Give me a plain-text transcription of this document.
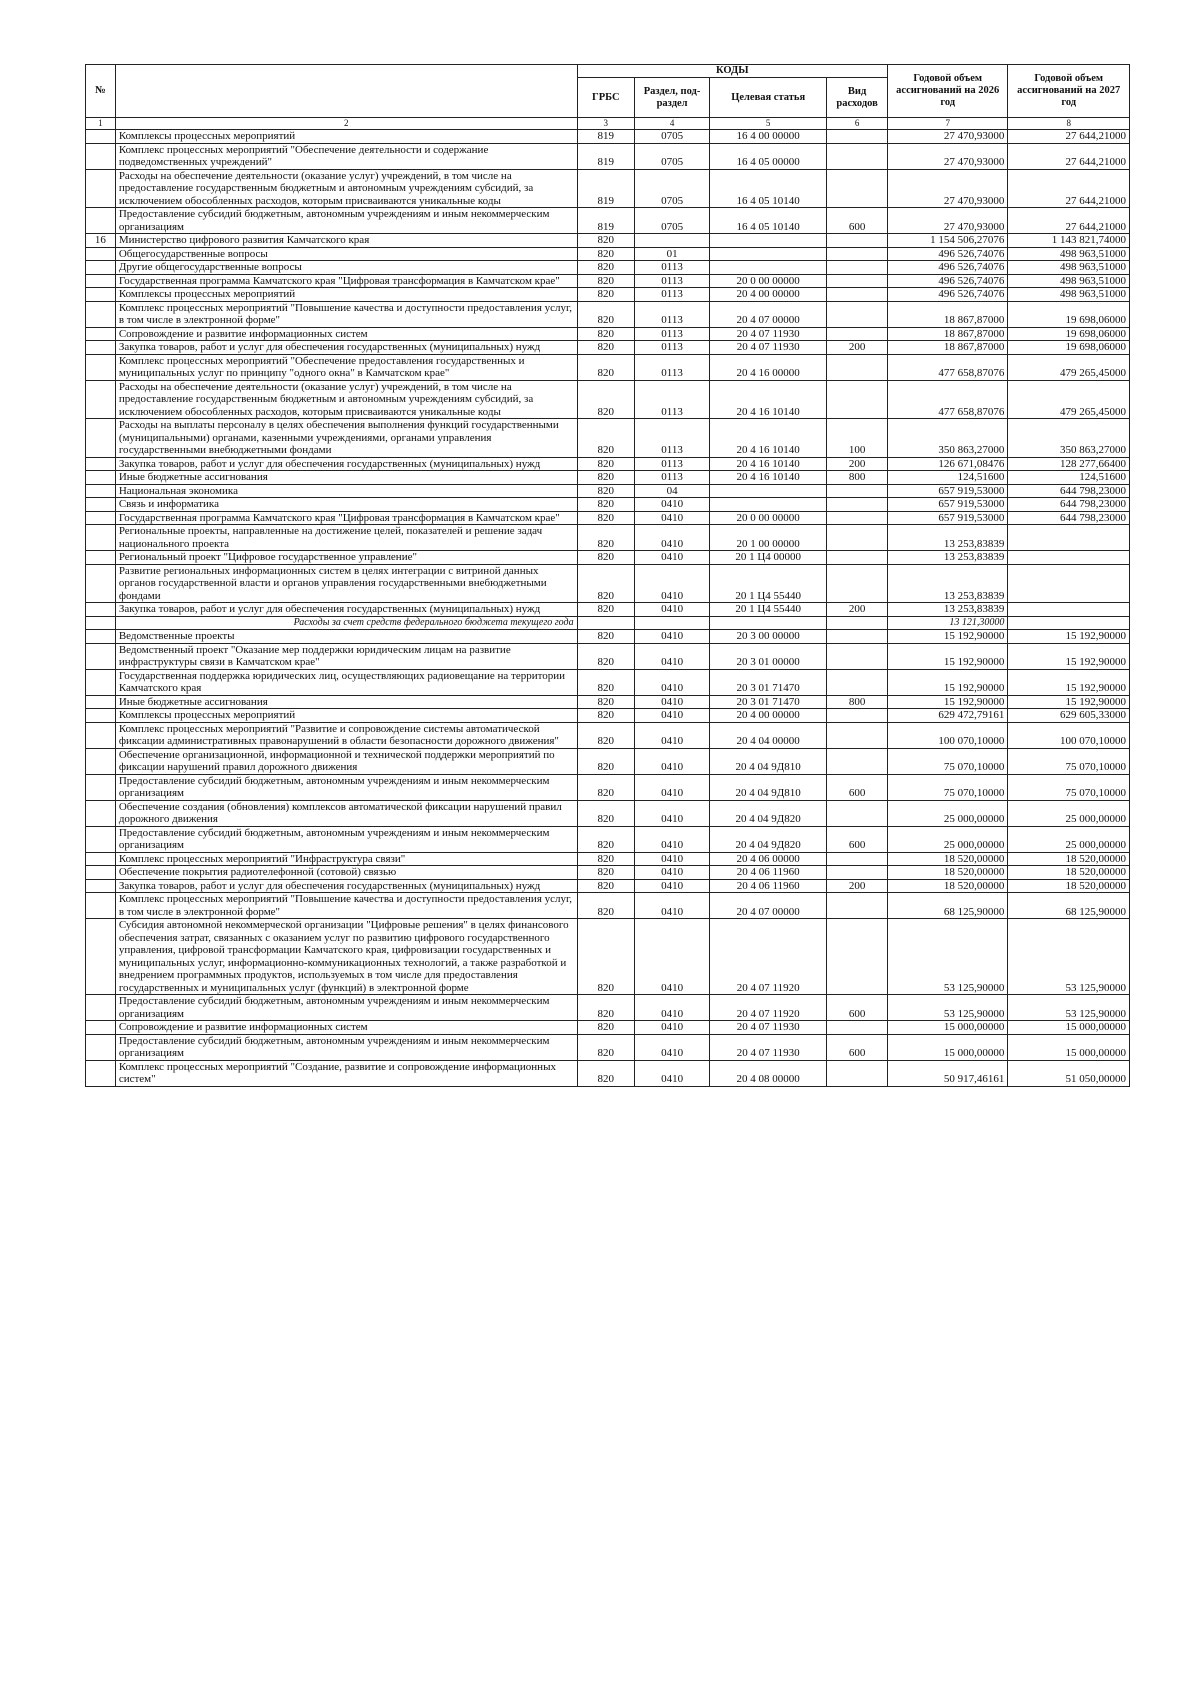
№		КОДЫ				Годовой объем ассигнований на 2026 год	Годовой объем ассигнований на 2027 год
		ГРБС	Раздел, под-раздел	Целевая статья	Вид расходов		
1	2	3	4	5	6	7	8
	Комплексы процессных мероприятий	819	0705	16 4 00 00000		27 470,93000	27 644,21000
	Комплекс процессных мероприятий "Обеспечение деятельности и содержание подведомственных учреждений"	819	0705	16 4 05 00000		27 470,93000	27 644,21000
	Расходы на обеспечение деятельности (оказание услуг) учреждений, в том числе на предоставление государственным бюджетным и автономным учреждениям субсидий, за исключением обособленных расходов, которым присваиваются уникальные коды	819	0705	16 4 05 10140		27 470,93000	27 644,21000
	Предоставление субсидий бюджетным, автономным учреждениям и иным некоммерческим организациям	819	0705	16 4 05 10140	600	27 470,93000	27 644,21000
16	Министерство цифрового развития Камчатского края	820				1 154 506,27076	1 143 821,74000
	Общегосударственные вопросы	820	01			496 526,74076	498 963,51000
	Другие общегосударственные вопросы	820	0113			496 526,74076	498 963,51000
	Государственная программа Камчатского края "Цифровая трансформация в Камчатском крае"	820	0113	20 0 00 00000		496 526,74076	498 963,51000
	Комплексы процессных мероприятий	820	0113	20 4 00 00000		496 526,74076	498 963,51000
	Комплекс процессных мероприятий "Повышение качества и доступности предоставления услуг, в том числе в электронной форме"	820	0113	20 4 07 00000		18 867,87000	19 698,06000
	Сопровождение и развитие информационных систем	820	0113	20 4 07 11930		18 867,87000	19 698,06000
	Закупка товаров, работ и услуг для обеспечения государственных (муниципальных) нужд	820	0113	20 4 07 11930	200	18 867,87000	19 698,06000
	Комплекс процессных мероприятий "Обеспечение предоставления государственных и муниципальных услуг по принципу "одного окна" в Камчатском крае"	820	0113	20 4 16 00000		477 658,87076	479 265,45000
	Расходы на обеспечение деятельности (оказание услуг) учреждений, в том числе на предоставление государственным бюджетным и автономным учреждениям субсидий, за исключением обособленных расходов, которым присваиваются уникальные коды	820	0113	20 4 16 10140		477 658,87076	479 265,45000
	Расходы на выплаты персоналу в целях обеспечения выполнения функций государственными (муниципальными) органами, казенными учреждениями, органами управления государственными внебюджетными фондами	820	0113	20 4 16 10140	100	350 863,27000	350 863,27000
	Закупка товаров, работ и услуг для обеспечения государственных (муниципальных) нужд	820	0113	20 4 16 10140	200	126 671,08476	128 277,66400
	Иные бюджетные ассигнования	820	0113	20 4 16 10140	800	124,51600	124,51600
	Национальная экономика	820	04			657 919,53000	644 798,23000
	Связь и информатика	820	0410			657 919,53000	644 798,23000
	Государственная программа Камчатского края "Цифровая трансформация в Камчатском крае"	820	0410	20 0 00 00000		657 919,53000	644 798,23000
	Региональные проекты, направленные на достижение целей, показателей и решение задач национального проекта	820	0410	20 1 00 00000		13 253,83839	
	Региональный проект "Цифровое государственное управление"	820	0410	20 1 Ц4 00000		13 253,83839	
	Развитие региональных информационных систем в целях интеграции с витриной данных органов государственной власти и органов управления государственными внебюджетными фондами	820	0410	20 1 Ц4 55440		13 253,83839	
	Закупка товаров, работ и услуг для обеспечения государственных (муниципальных) нужд	820	0410	20 1 Ц4 55440	200	13 253,83839	
	Расходы за счет средств федерального бюджета текущего года					13 121,30000	
	Ведомственные проекты	820	0410	20 3 00 00000		15 192,90000	15 192,90000
	Ведомственный проект "Оказание мер поддержки юридическим лицам на развитие инфраструктуры связи в Камчатском крае"	820	0410	20 3 01 00000		15 192,90000	15 192,90000
	Государственная поддержка юридических лиц, осуществляющих радиовещание на территории Камчатского края	820	0410	20 3 01 71470		15 192,90000	15 192,90000
	Иные бюджетные ассигнования	820	0410	20 3 01 71470	800	15 192,90000	15 192,90000
	Комплексы процессных мероприятий	820	0410	20 4 00 00000		629 472,79161	629 605,33000
	Комплекс процессных мероприятий "Развитие и сопровождение системы автоматической фиксации административных правонарушений в области безопасности дорожного движения"	820	0410	20 4 04 00000		100 070,10000	100 070,10000
	Обеспечение организационной, информационной и технической поддержки мероприятий по фиксации нарушений правил дорожного движения	820	0410	20 4 04 9Д810		75 070,10000	75 070,10000
	Предоставление субсидий бюджетным, автономным учреждениям и иным некоммерческим организациям	820	0410	20 4 04 9Д810	600	75 070,10000	75 070,10000
	Обеспечение создания (обновления) комплексов автоматической фиксации нарушений правил дорожного движения	820	0410	20 4 04 9Д820		25 000,00000	25 000,00000
	Предоставление субсидий бюджетным, автономным учреждениям и иным некоммерческим организациям	820	0410	20 4 04 9Д820	600	25 000,00000	25 000,00000
	Комплекс процессных мероприятий "Инфраструктура связи"	820	0410	20 4 06 00000		18 520,00000	18 520,00000
	Обеспечение покрытия радиотелефонной (сотовой) связью	820	0410	20 4 06 11960		18 520,00000	18 520,00000
	Закупка товаров, работ и услуг для обеспечения государственных (муниципальных) нужд	820	0410	20 4 06 11960	200	18 520,00000	18 520,00000
	Комплекс процессных мероприятий "Повышение качества и доступности предоставления услуг, в том числе в электронной форме"	820	0410	20 4 07 00000		68 125,90000	68 125,90000
	Субсидия автономной некоммерческой организации "Цифровые решения" в целях финансового обеспечения затрат, связанных с оказанием услуг по развитию цифрового государственного управления, цифровой трансформации Камчатского края, цифровизации государственных и муниципальных услуг, информационно-коммуникационных технологий, а также разработкой и внедрением программных продуктов, используемых в том числе для предоставления государственных и муниципальных услуг (функций) в электронной форме	820	0410	20 4 07 11920		53 125,90000	53 125,90000
	Предоставление субсидий бюджетным, автономным учреждениям и иным некоммерческим организациям	820	0410	20 4 07 11920	600	53 125,90000	53 125,90000
	Сопровождение и развитие информационных систем	820	0410	20 4 07 11930		15 000,00000	15 000,00000
	Предоставление субсидий бюджетным, автономным учреждениям и иным некоммерческим организациям	820	0410	20 4 07 11930	600	15 000,00000	15 000,00000
	Комплекс процессных мероприятий "Создание, развитие и сопровождение информационных систем"	820	0410	20 4 08 00000		50 917,46161	51 050,00000
